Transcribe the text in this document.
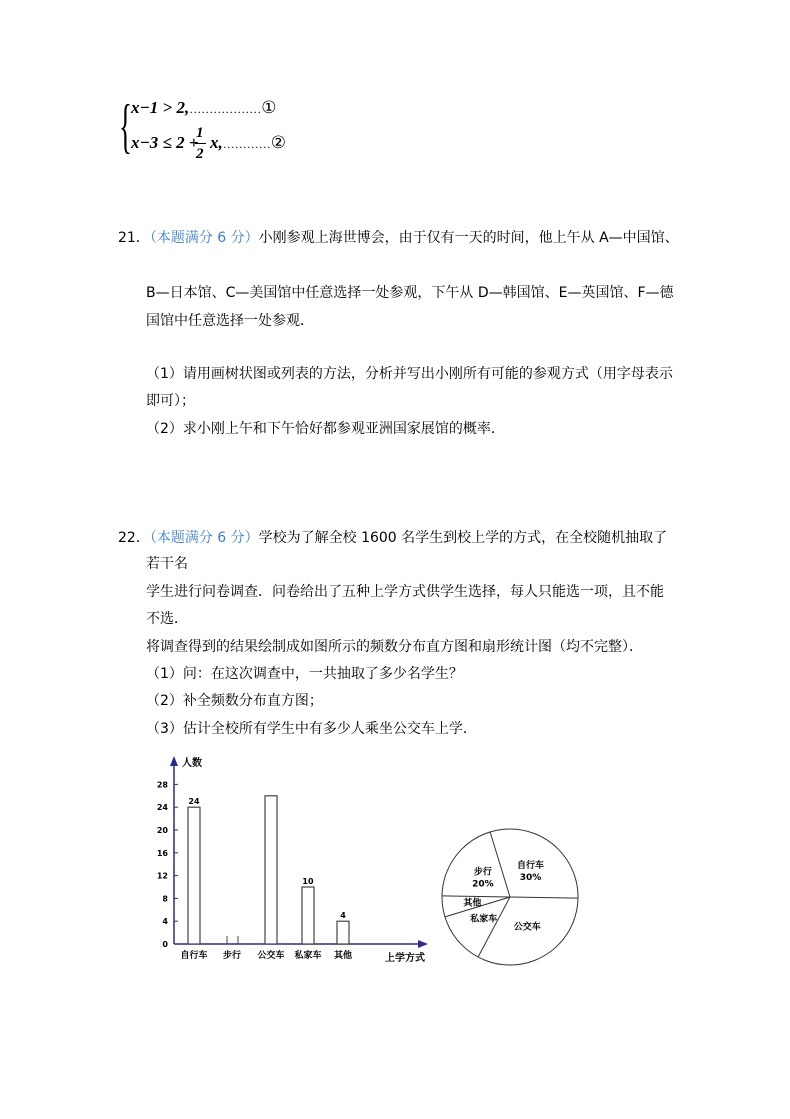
{ x−1 > 2,………………①
x−3 ≤ 2 +
1
2
x,…………②
21．（本题满分 6 分）小刚参观上海世博会，由于仅有一天的时间，他上午从 A—中国馆、
B—日本馆、C—美国馆中任意选择一处参观，下午从 D—韩国馆、E—英国馆、F—德
国馆中任意选择一处参观．
（1）请用画树状图或列表的方法，分析并写出小刚所有可能的参观方式（用字母表示
即可）；
（2）求小刚上午和下午恰好都参观亚洲国家展馆的概率．
22．（本题满分 6 分）学校为了解全校 1600 名学生到校上学的方式，在全校随机抽取了
若干名
学生进行问卷调查．问卷给出了五种上学方式供学生选择，每人只能选一项，且不能
不选．
将调查得到的结果绘制成如图所示的频数分布直方图和扇形统计图（均不完整）．
（1）问：在这次调查中，一共抽取了多少名学生？
（2）补全频数分布直方图；
（3）估计全校所有学生中有多少人乘坐公交车上学．
人数
上学方式
0
4
8
12
16
20
24
28
自行车
24
步行 公交车 私家车
10
其他
4
自行车
30%
公交车
私家车
其他
步行
20%
